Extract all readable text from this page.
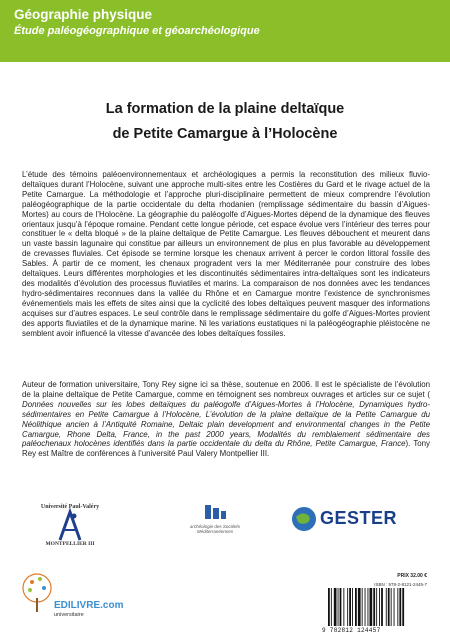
Géographie physique
Étude paléogéographique et géoarchéologique
La formation de la plaine deltaïque
de Petite Camargue à l’Holocène
L’étude des témoins paléoenvironnementaux et archéologiques a permis la reconstitution des milieux fluvio-deltaïques durant l’Holocène, suivant une approche multi-sites entre les Costières du Gard et le rivage actuel de la Petite Camargue. La méthodologie et l’approche pluri-disciplinaire permettent de mieux comprendre l’évolution paléogéographique de la partie occidentale du delta rhodanien (remplissage sédimentaire du bassin d’Aigues-Mortes) au cours de l’Holocène. La géographie du paléogolfe d’Aigues-Mortes dépend de la dynamique des fleuves orientaux jusqu’à l’époque romaine. Pendant cette longue période, cet espace évolue vers l’intérieur des terres pour constituer le « delta bloqué » de la plaine deltaïque de Petite Camargue. Les fleuves débouchent et meurent dans un vaste bassin lagunaire qui constitue par ailleurs un environnement de plus en plus favorable au développement de crevasses fluviales. Cet épisode se termine lorsque les chenaux arrivent à percer le cordon littoral fossile des Sables. À partir de ce moment, les chenaux progradent vers la mer Méditerranée pour construire des lobes deltaïques. Leurs différentes morphologies et les discontinuités sédimentaires intra-deltaïques sont les indicateurs des modalités d’évolution des processus fluviatiles et marins. La comparaison de nos données avec les tendances hydro-sédimentaires reconnues dans la vallée du Rhône et en Camargue montre l’existence de synchronismes événementiels mais les effets de sites ainsi que la cyclicité des lobes deltaïques peuvent masquer des informations acquises sur d’autres espaces. Le seul contrôle dans le remplissage sédimentaire du golfe d’Aigues-Mortes provient des apports fluviatiles et de la dynamique marine. Ni les variations eustatiques ni la paléogéographie pléistocène ne semblent avoir influencé la vitesse d’avancée des lobes deltaïques fossiles.
Auteur de formation universitaire, Tony Rey signe ici sa thèse, soutenue en 2006. Il est le spécialiste de l’évolution de la plaine deltaïque de Petite Camargue, comme en témoignent ses nombreux ouvrages et articles sur ce sujet ( Données nouvelles sur les lobes deltaïques du paléogolfe d’Aigues-Mortes à l’Holocène, Dynamiques hydro-sédimentaires en Petite Camargue à l’Holocène, L’évolution de la plaine deltaïque de la Petite Camargue du Néolithique ancien à l’Antiquité Romaine, Deltaic plain development and environmental changes in the Petite Camargue, Rhone Delta, France, in the past 2000 years, Modalités du remblaiement sédimentaire des paléochenaux holocènes identifiés dans la partie occidentale du delta du Rhône, Petite Camargue, France). Tony Rey est Maître de conférences à l’université Paul Valery Montpellier III.
Université Paul-Valéry
MONTPELLIER III
archéologie des Sociétés Méditerranéennes
GESTER
EDILIVRE.com
universitaire
PRIX 32.00 €
ISBN : 978-2-8121-2445-7
9 782812 124457
